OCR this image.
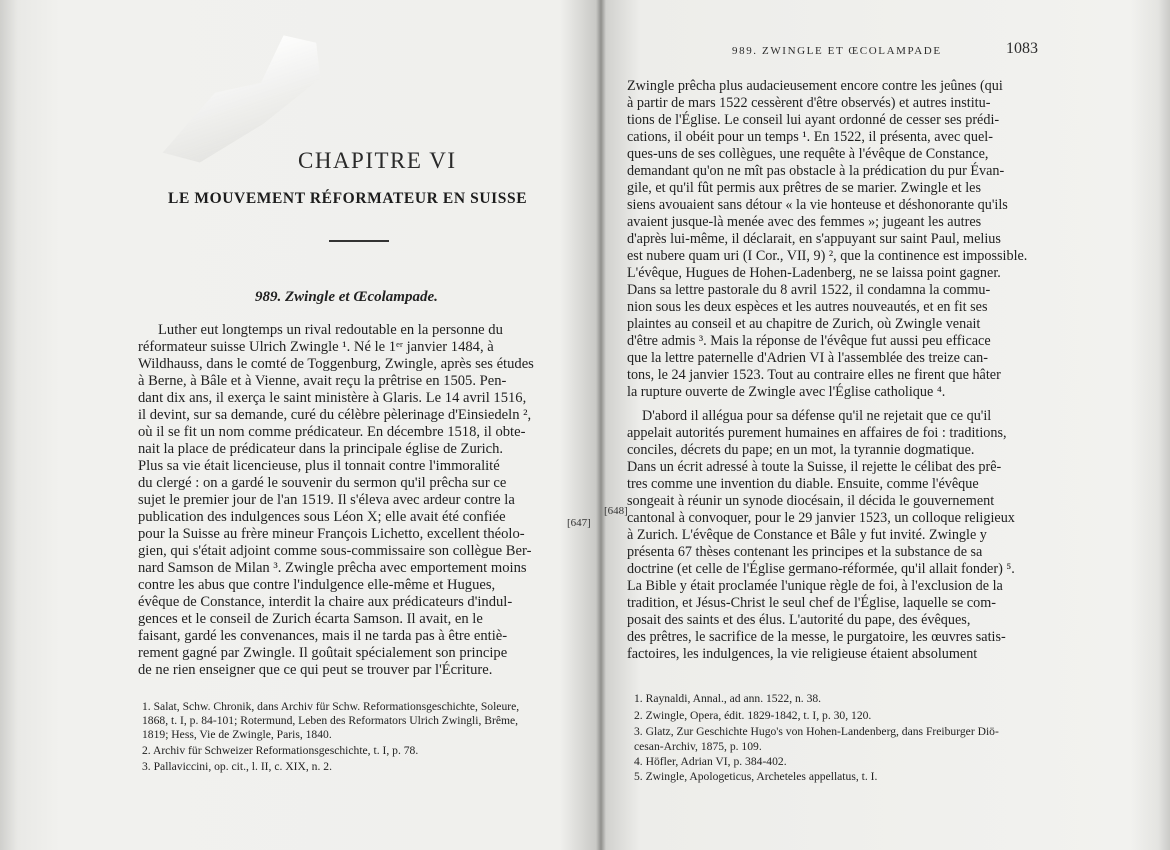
CHAPITRE VI
LE MOUVEMENT RÉFORMATEUR EN SUISSE
989. Zwingle et Œcolampade.
Luther eut longtemps un rival redoutable en la personne du
réformateur suisse Ulrich Zwingle ¹. Né le 1ᵉʳ janvier 1484, à
Wildhauss, dans le comté de Toggenburg, Zwingle, après ses études
à Berne, à Bâle et à Vienne, avait reçu la prêtrise en 1505. Pen-
dant dix ans, il exerça le saint ministère à Glaris. Le 14 avril 1516,
il devint, sur sa demande, curé du célèbre pèlerinage d'Einsiedeln ²,
où il se fit un nom comme prédicateur. En décembre 1518, il obte-
nait la place de prédicateur dans la principale église de Zurich.
Plus sa vie était licencieuse, plus il tonnait contre l'immoralité
du clergé : on a gardé le souvenir du sermon qu'il prêcha sur ce
sujet le premier jour de l'an 1519. Il s'éleva avec ardeur contre la
publication des indulgences sous Léon X; elle avait été confiée
pour la Suisse au frère mineur François Lichetto, excellent théolo-
gien, qui s'était adjoint comme sous-commissaire son collègue Ber-
nard Samson de Milan ³. Zwingle prêcha avec emportement moins
contre les abus que contre l'indulgence elle-même et Hugues,
évêque de Constance, interdit la chaire aux prédicateurs d'indul-
gences et le conseil de Zurich écarta Samson. Il avait, en le
faisant, gardé les convenances, mais il ne tarda pas à être entiè-
rement gagné par Zwingle. Il goûtait spécialement son principe
de ne rien enseigner que ce qui peut se trouver par l'Écriture.
[647]
1. Salat, Schw. Chronik, dans Archiv für Schw. Reformationsgeschichte, Soleure,
1868, t. I, p. 84-101; Rotermund, Leben des Reformators Ulrich Zwingli, Brême,
1819; Hess, Vie de Zwingle, Paris, 1840.
2. Archiv für Schweizer Reformationsgeschichte, t. I, p. 78.
3. Pallaviccini, op. cit., l. II, c. XIX, n. 2.
989. ZWINGLE ET ŒCOLAMPADE	1083
Zwingle prêcha plus audacieusement encore contre les jeûnes (qui
à partir de mars 1522 cessèrent d'être observés) et autres institu-
tions de l'Église. Le conseil lui ayant ordonné de cesser ses prédi-
cations, il obéit pour un temps ¹. En 1522, il présenta, avec quel-
ques-uns de ses collègues, une requête à l'évêque de Constance,
demandant qu'on ne mît pas obstacle à la prédication du pur Évan-
gile, et qu'il fût permis aux prêtres de se marier. Zwingle et les
siens avouaient sans détour « la vie honteuse et déshonorante qu'ils
avaient jusque-là menée avec des femmes »; jugeant les autres
d'après lui-même, il déclarait, en s'appuyant sur saint Paul, melius
est nubere quam uri (I Cor., VII, 9) ², que la continence est impossible.
L'évêque, Hugues de Hohen-Ladenberg, ne se laissa point gagner.
Dans sa lettre pastorale du 8 avril 1522, il condamna la commu-
nion sous les deux espèces et les autres nouveautés, et en fit ses
plaintes au conseil et au chapitre de Zurich, où Zwingle venait
d'être admis ³. Mais la réponse de l'évêque fut aussi peu efficace
que la lettre paternelle d'Adrien VI à l'assemblée des treize can-
tons, le 24 janvier 1523. Tout au contraire elles ne firent que hâter
la rupture ouverte de Zwingle avec l'Église catholique ⁴.
D'abord il allégua pour sa défense qu'il ne rejetait que ce qu'il
appelait autorités purement humaines en affaires de foi : traditions,
conciles, décrets du pape; en un mot, la tyrannie dogmatique.
Dans un écrit adressé à toute la Suisse, il rejette le célibat des prê-
tres comme une invention du diable. Ensuite, comme l'évêque
songeait à réunir un synode diocésain, il décida le gouvernement
cantonal à convoquer, pour le 29 janvier 1523, un colloque religieux
à Zurich. L'évêque de Constance et Bâle y fut invité. Zwingle y
présenta 67 thèses contenant les principes et la substance de sa
doctrine (et celle de l'Église germano-réformée, qu'il allait fonder) ⁵.
La Bible y était proclamée l'unique règle de foi, à l'exclusion de la
tradition, et Jésus-Christ le seul chef de l'Église, laquelle se com-
posait des saints et des élus. L'autorité du pape, des évêques,
des prêtres, le sacrifice de la messe, le purgatoire, les œuvres satis-
factoires, les indulgences, la vie religieuse étaient absolument
[648]
1. Raynaldi, Annal., ad ann. 1522, n. 38.
2. Zwingle, Opera, édit. 1829-1842, t. I, p. 30, 120.
3. Glatz, Zur Geschichte Hugo's von Hohen-Landenberg, dans Freiburger Diö-
cesan-Archiv, 1875, p. 109.
4. Höfler, Adrian VI, p. 384-402.
5. Zwingle, Apologeticus, Archeteles appellatus, t. I.
